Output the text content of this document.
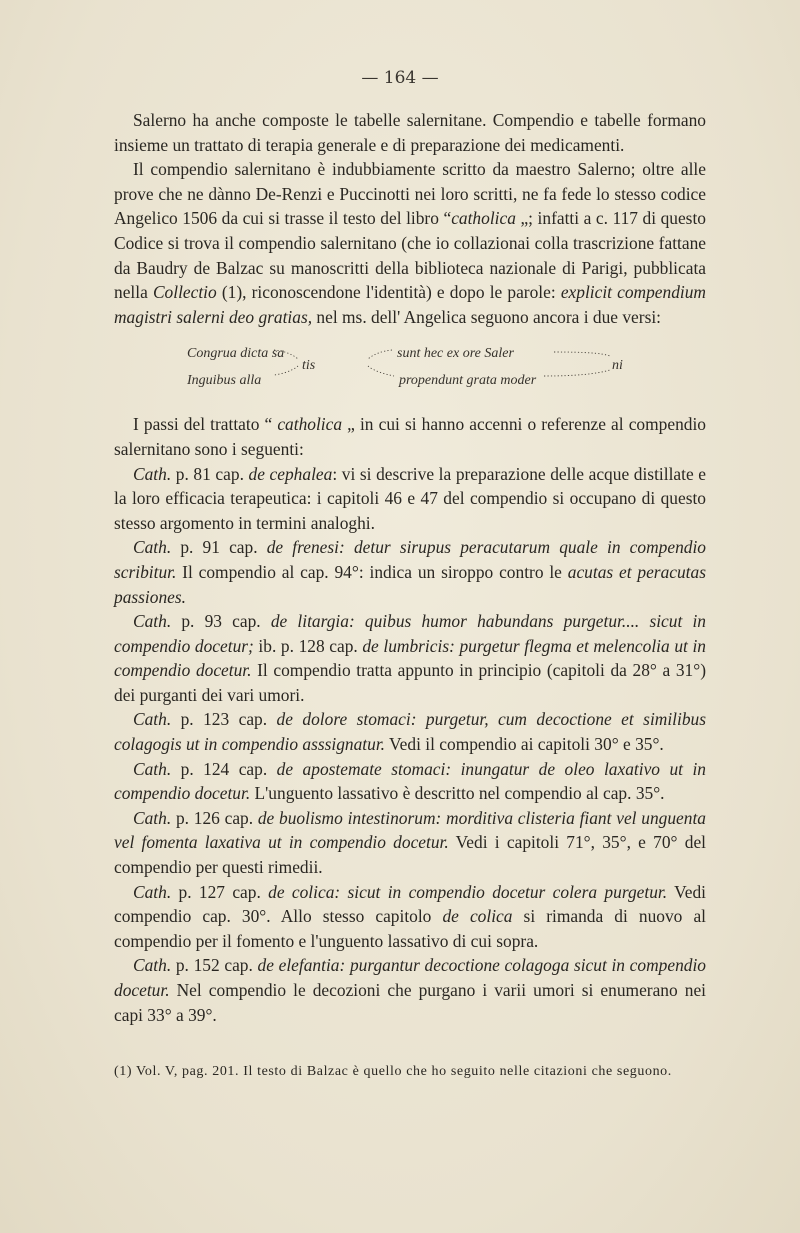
— 164 —

Salerno ha anche composte le tabelle salernitane. Compendio e tabelle formano insieme un trattato di terapia generale e di preparazione dei medicamenti.

Il compendio salernitano è indubbiamente scritto da maestro Salerno; oltre alle prove che ne dànno De-Renzi e Puccinotti nei loro scritti, ne fa fede lo stesso codice Angelico 1506 da cui si trasse il testo del libro “catholica „; infatti a c. 117 di questo Codice si trova il compendio salernitano (che io collazionai colla trascrizione fattane da Baudry de Balzac su manoscritti della biblioteca nazionale di Parigi, pubblicata nella Collectio (1), riconoscendone l'identità) e dopo le parole: explicit compendium magistri salerni deo gratias, nel ms. dell' Angelica seguono ancora i due versi:

Congrua dicta sa	sunt hec ex ore Saler
tis	ni
Inguibus alla	propendunt grata moder

I passi del trattato “ catholica „ in cui si hanno accenni o referenze al compendio salernitano sono i seguenti:

Cath. p. 81 cap. de cephalea: vi si descrive la preparazione delle acque distillate e la loro efficacia terapeutica: i capitoli 46 e 47 del compendio si occupano di questo stesso argomento in termini analoghi.

Cath. p. 91 cap. de frenesi: detur sirupus peracutarum quale in compendio scribitur. Il compendio al cap. 94°: indica un siroppo contro le acutas et peracutas passiones.

Cath. p. 93 cap. de litargia: quibus humor habundans purgetur.... sicut in compendio docetur; ib. p. 128 cap. de lumbricis: purgetur flegma et melencolia ut in compendio docetur. Il compendio tratta appunto in principio (capitoli da 28° a 31°) dei purganti dei vari umori.

Cath. p. 123 cap. de dolore stomaci: purgetur, cum decoctione et similibus colagogis ut in compendio asssignatur. Vedi il compendio ai capitoli 30° e 35°.

Cath. p. 124 cap. de apostemate stomaci: inungatur de oleo laxativo ut in compendio docetur. L'unguento lassativo è descritto nel compendio al cap. 35°.

Cath. p. 126 cap. de buolismo intestinorum: morditiva clisteria fiant vel unguenta vel fomenta laxativa ut in compendio docetur. Vedi i capitoli 71°, 35°, e 70° del compendio per questi rimedii.

Cath. p. 127 cap. de colica: sicut in compendio docetur colera purgetur. Vedi compendio cap. 30°. Allo stesso capitolo de colica si rimanda di nuovo al compendio per il fomento e l'unguento lassativo di cui sopra.

Cath. p. 152 cap. de elefantia: purgantur decoctione colagoga sicut in compendio docetur. Nel compendio le decozioni che purgano i varii umori si enumerano nei capi 33° a 39°.

(1) Vol. V, pag. 201. Il testo di Balzac è quello che ho seguito nelle citazioni che seguono.
